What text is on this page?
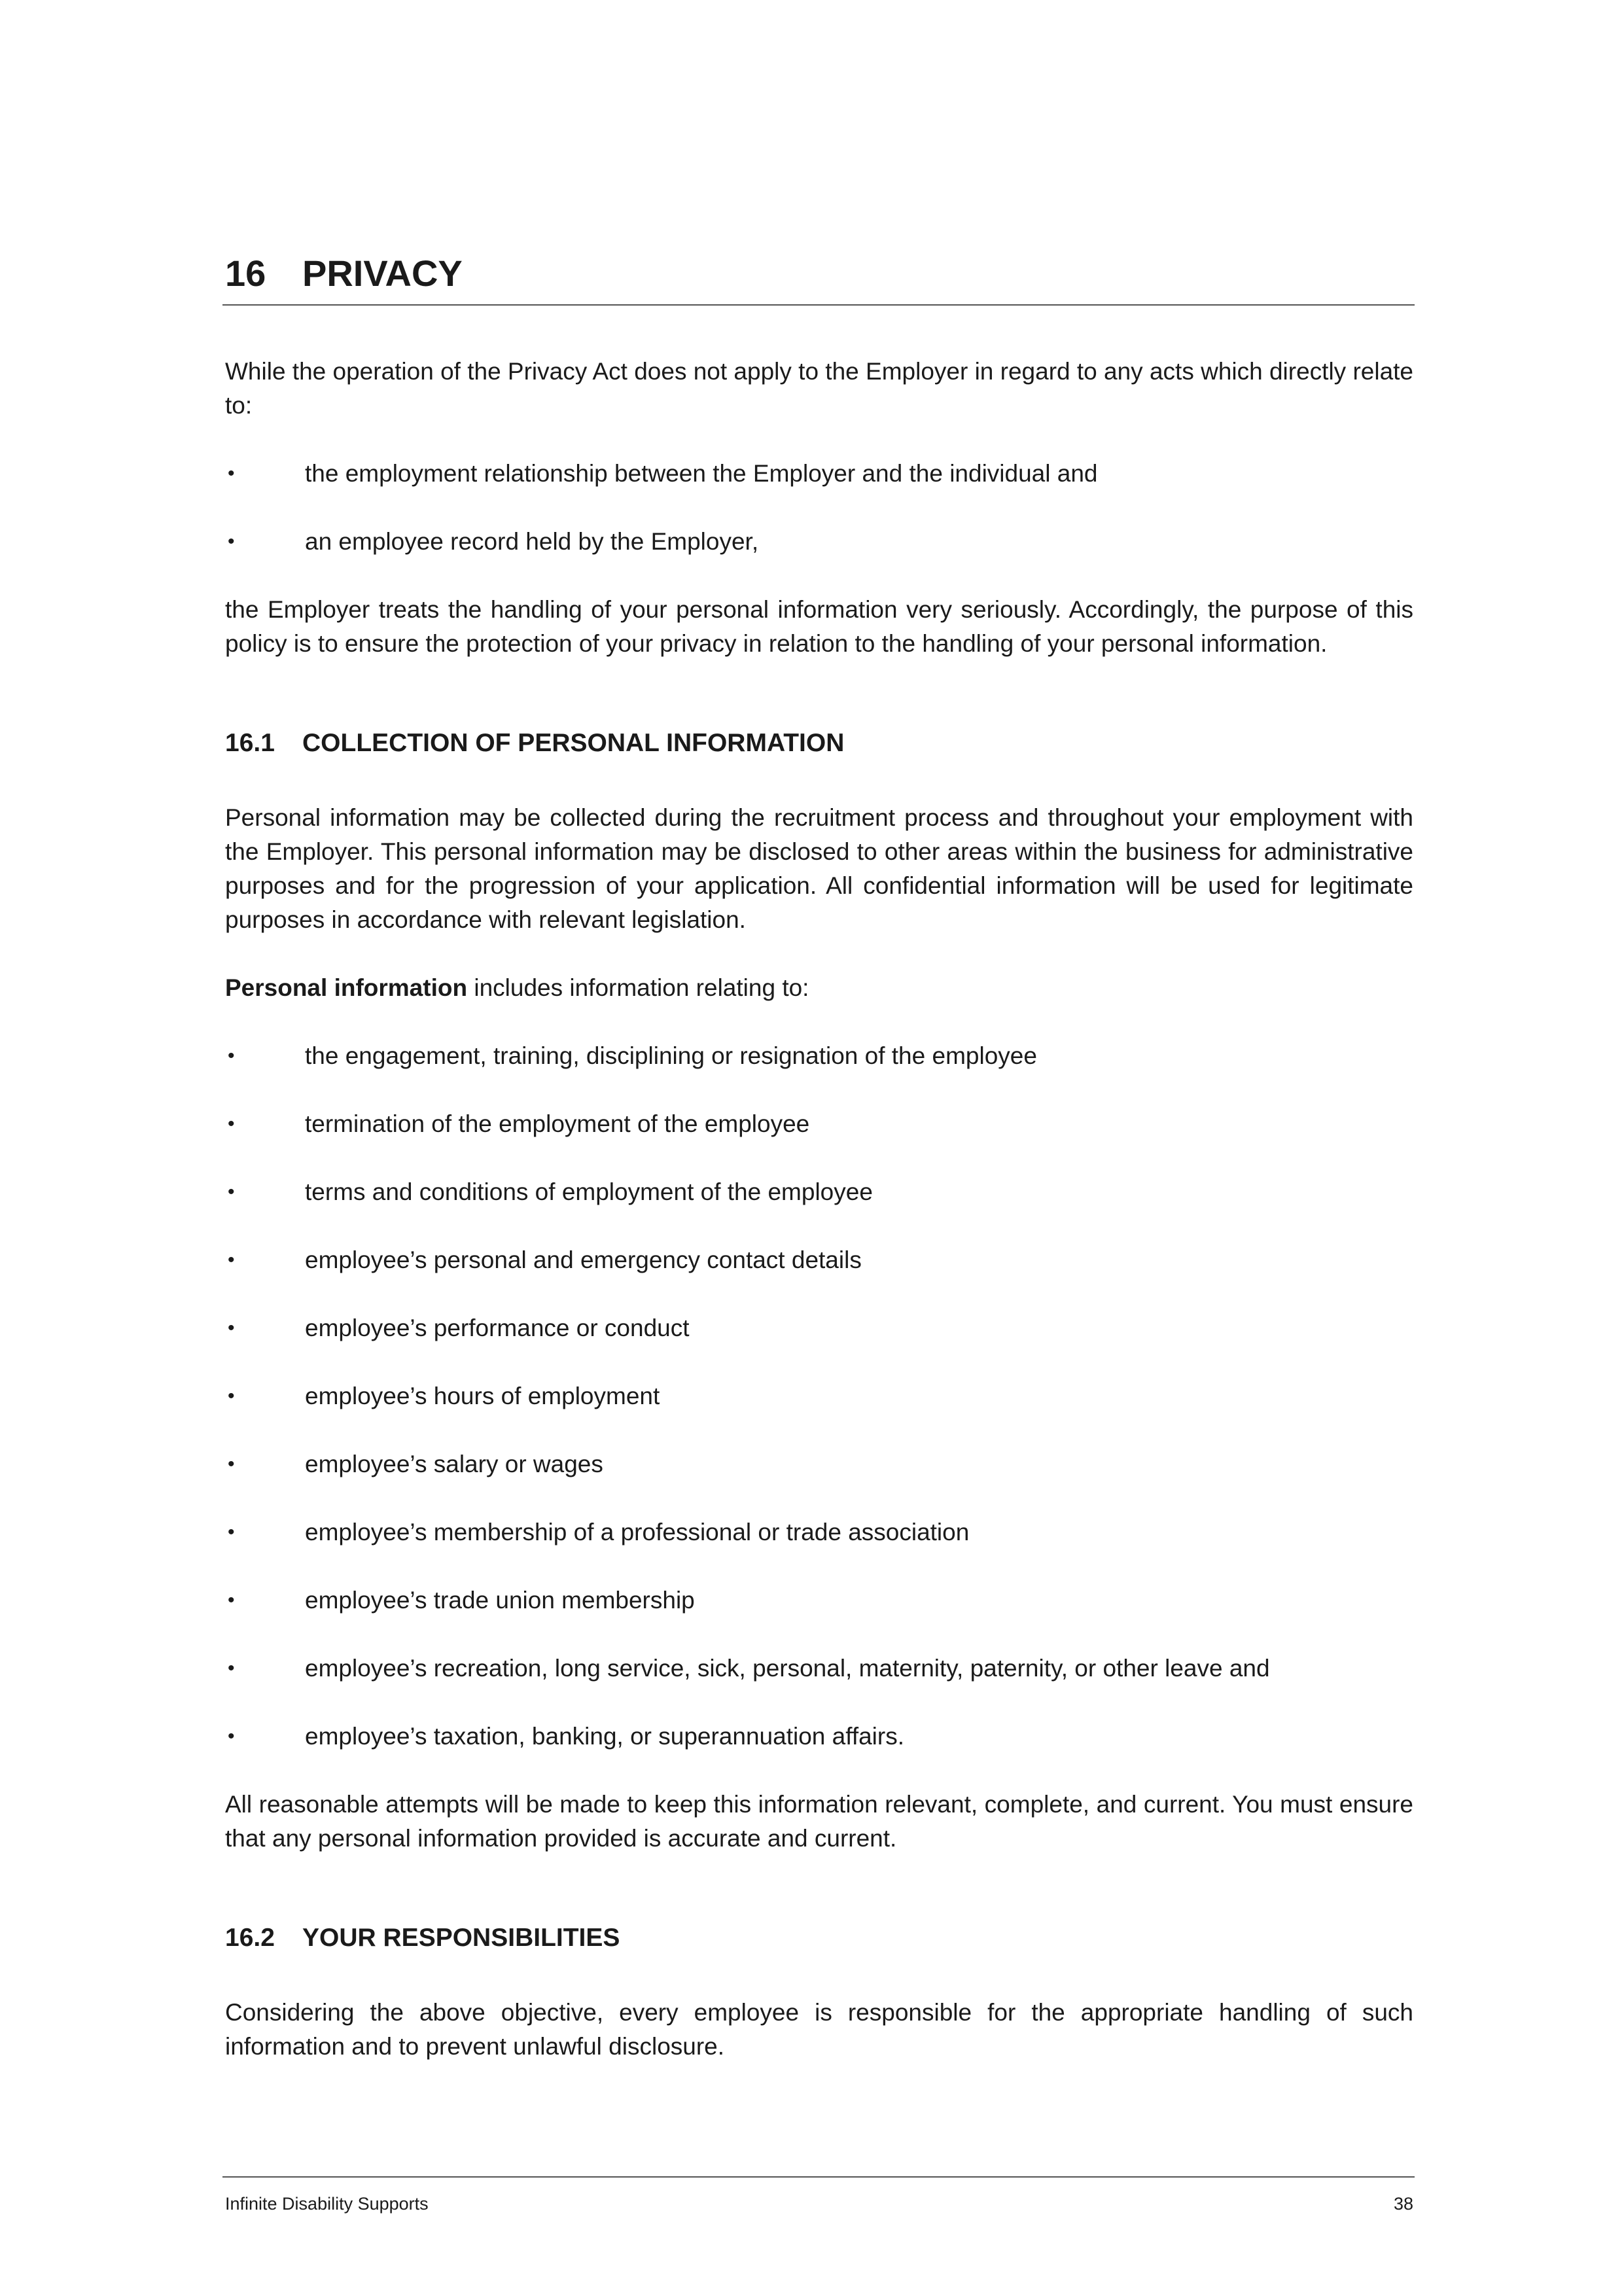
16 PRIVACY

While the operation of the Privacy Act does not apply to the Employer in regard to any acts which directly relate to:

•	the employment relationship between the Employer and the individual and
•	an employee record held by the Employer,

the Employer treats the handling of your personal information very seriously. Accordingly, the purpose of this policy is to ensure the protection of your privacy in relation to the handling of your personal information.

16.1	COLLECTION OF PERSONAL INFORMATION

Personal information may be collected during the recruitment process and throughout your employment with the Employer. This personal information may be disclosed to other areas within the business for administrative purposes and for the progression of your application. All confidential information will be used for legitimate purposes in accordance with relevant legislation.

Personal information includes information relating to:

•	the engagement, training, disciplining or resignation of the employee
•	termination of the employment of the employee
•	terms and conditions of employment of the employee
•	employee’s personal and emergency contact details
•	employee’s performance or conduct
•	employee’s hours of employment
•	employee’s salary or wages
•	employee’s membership of a professional or trade association
•	employee’s trade union membership
•	employee’s recreation, long service, sick, personal, maternity, paternity, or other leave and
•	employee’s taxation, banking, or superannuation affairs.

All reasonable attempts will be made to keep this information relevant, complete, and current. You must ensure that any personal information provided is accurate and current.

16.2	YOUR RESPONSIBILITIES

Considering the above objective, every employee is responsible for the appropriate handling of such information and to prevent unlawful disclosure.

Infinite Disability Supports	38
